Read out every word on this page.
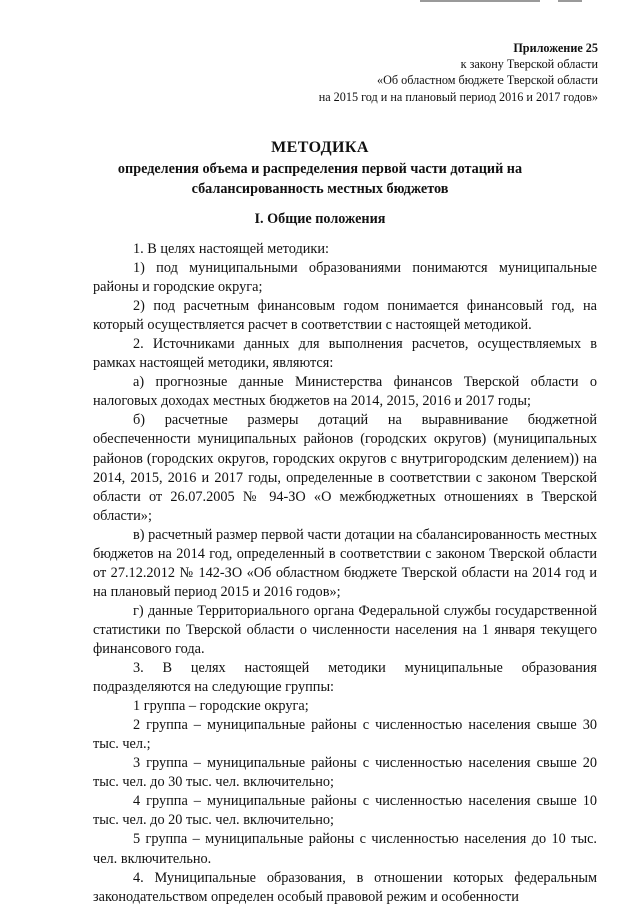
Приложение 25
к закону Тверской области
«Об областном бюджете Тверской области
на 2015 год и на плановый период 2016 и 2017 годов»
МЕТОДИКА
определения объема и распределения первой части дотаций на
сбалансированность местных бюджетов
I. Общие положения

1. В целях настоящей методики:

1) под муниципальными образованиями понимаются муниципальные районы и городские округа;

2) под расчетным финансовым годом понимается финансовый год, на который осуществляется расчет в соответствии с настоящей методикой.

2. Источниками данных для выполнения расчетов, осуществляемых в рамках настоящей методики, являются:

а) прогнозные данные Министерства финансов Тверской области о налоговых доходах местных бюджетов на 2014, 2015, 2016 и 2017 годы;

б) расчетные размеры дотаций на выравнивание бюджетной обеспеченности муниципальных районов (городских округов) (муниципальных районов (городских округов, городских округов с внутригородским делением)) на 2014, 2015, 2016 и 2017 годы, определенные в соответствии с законом Тверской области от 26.07.2005 № 94-ЗО «О межбюджетных отношениях в Тверской области»;

в) расчетный размер первой части дотации на сбалансированность местных бюджетов на 2014 год, определенный в соответствии с законом Тверской области от 27.12.2012 № 142-ЗО «Об областном бюджете Тверской области на 2014 год и на плановый период 2015 и 2016 годов»;

г) данные Территориального органа Федеральной службы государственной статистики по Тверской области о численности населения на 1 января текущего финансового года.

3. В целях настоящей методики муниципальные образования подразделяются на следующие группы:

1 группа – городские округа;

2 группа – муниципальные районы с численностью населения свыше 30 тыс. чел.;

3 группа – муниципальные районы с численностью населения свыше 20 тыс. чел. до 30 тыс. чел. включительно;

4 группа – муниципальные районы с численностью населения свыше 10 тыс. чел. до 20 тыс. чел. включительно;

5 группа – муниципальные районы с численностью населения до 10 тыс. чел. включительно.

4. Муниципальные образования, в отношении которых федеральным законодательством определен особый правовой режим и особенности
